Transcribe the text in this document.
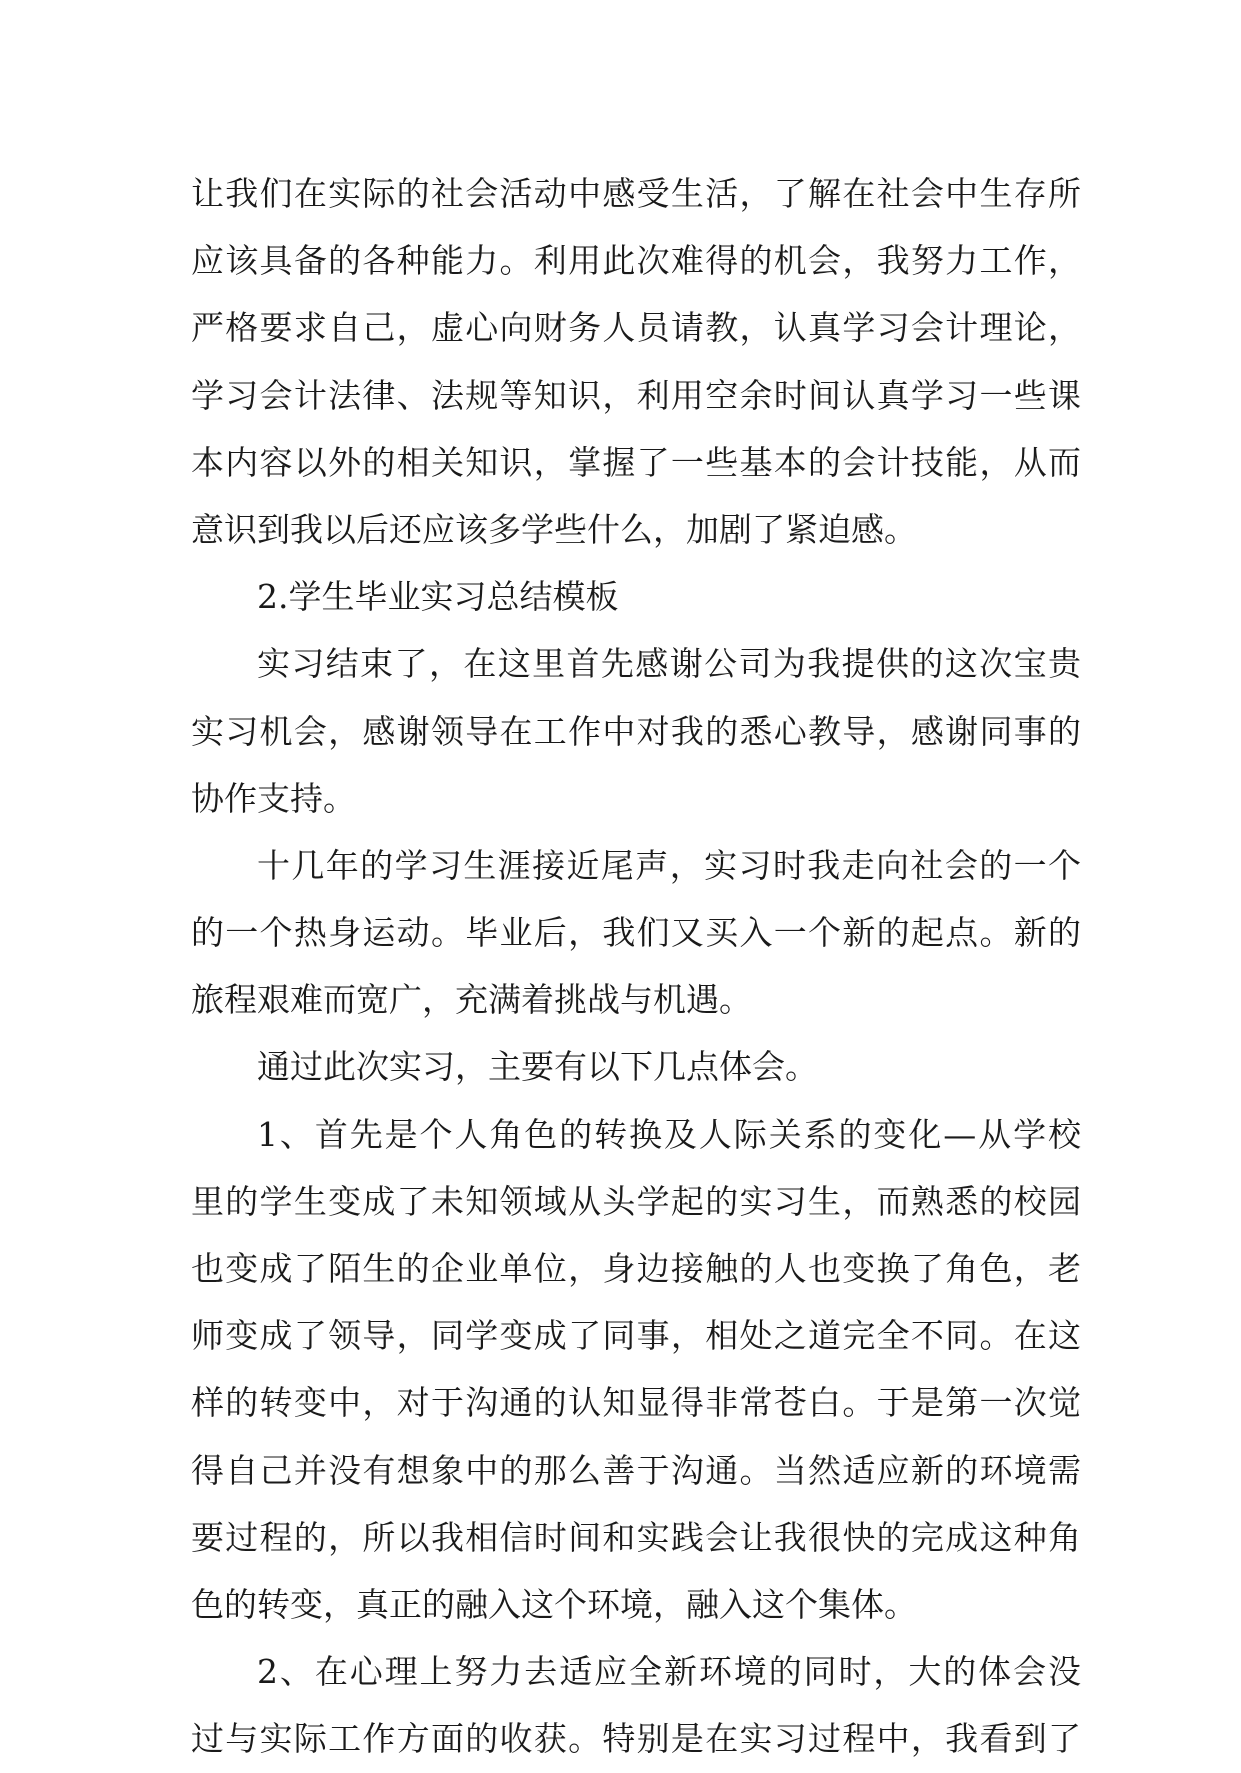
让我们在实际的社会活动中感受生活，了解在社会中生存所
应该具备的各种能力。利用此次难得的机会，我努力工作，
严格要求自己，虚心向财务人员请教，认真学习会计理论，
学习会计法律、法规等知识，利用空余时间认真学习一些课
本内容以外的相关知识，掌握了一些基本的会计技能，从而
意识到我以后还应该多学些什么，加剧了紧迫感。
2.学生毕业实习总结模板
实习结束了，在这里首先感谢公司为我提供的这次宝贵
实习机会，感谢领导在工作中对我的悉心教导，感谢同事的
协作支持。
十几年的学习生涯接近尾声，实习时我走向社会的一个
的一个热身运动。毕业后，我们又买入一个新的起点。新的
旅程艰难而宽广，充满着挑战与机遇。
通过此次实习，主要有以下几点体会。
1、首先是个人角色的转换及人际关系的变化—从学校
里的学生变成了未知领域从头学起的实习生，而熟悉的校园
也变成了陌生的企业单位，身边接触的人也变换了角色，老
师变成了领导，同学变成了同事，相处之道完全不同。在这
样的转变中，对于沟通的认知显得非常苍白。于是第一次觉
得自己并没有想象中的那么善于沟通。当然适应新的环境需
要过程的，所以我相信时间和实践会让我很快的完成这种角
色的转变，真正的融入这个环境，融入这个集体。
2、在心理上努力去适应全新环境的同时，大的体会没
过与实际工作方面的收获。特别是在实习过程中，我看到了
